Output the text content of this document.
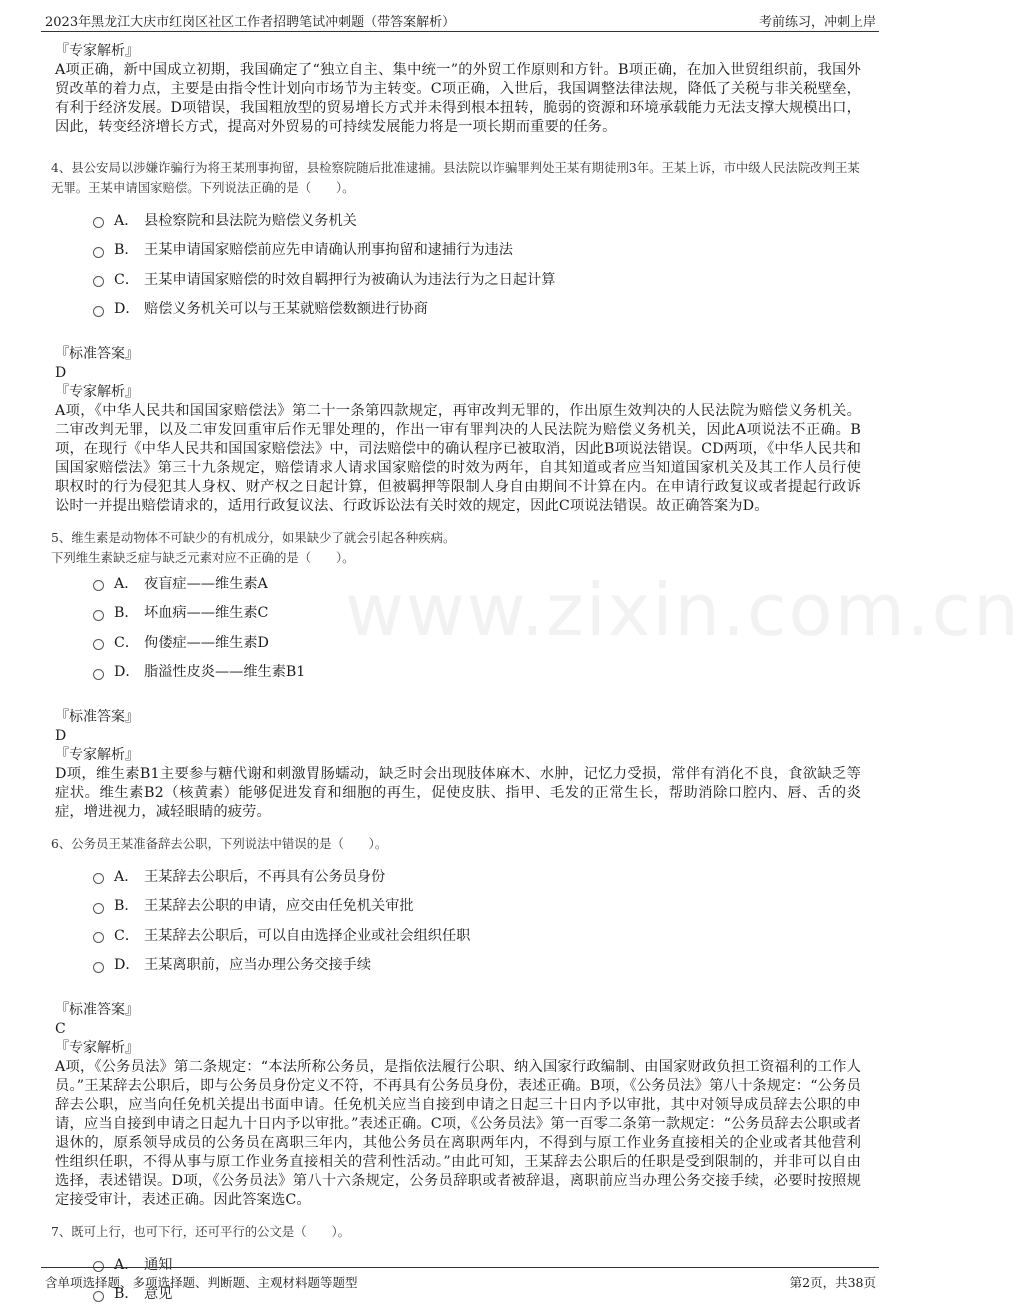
2023年黑龙江大庆市红岗区社区工作者招聘笔试冲刺题（带答案解析）	考前练习，冲刺上岸
www.zixin.com.cn
『专家解析』
A项正确，新中国成立初期，我国确定了“独立自主、集中统一”的外贸工作原则和方针。B项正确，在加入世贸组织前，我国外贸改革的着力点，主要是由指令性计划向市场节为主转变。C项正确，入世后，我国调整法律法规，降低了关税与非关税壁垒，有利于经济发展。D项错误，我国粗放型的贸易增长方式并未得到根本扭转，脆弱的资源和环境承载能力无法支撑大规模出口，因此，转变经济增长方式，提高对外贸易的可持续发展能力将是一项长期而重要的任务。
4、县公安局以涉嫌诈骗行为将王某刑事拘留，县检察院随后批准逮捕。县法院以诈骗罪判处王某有期徒刑3年。王某上诉，市中级人民法院改判王某无罪。王某申请国家赔偿。下列说法正确的是（　　）。
A． 县检察院和县法院为赔偿义务机关
B． 王某申请国家赔偿前应先申请确认刑事拘留和逮捕行为违法
C． 王某申请国家赔偿的时效自羁押行为被确认为违法行为之日起计算
D． 赔偿义务机关可以与王某就赔偿数额进行协商
『标准答案』
D
『专家解析』
A项，《中华人民共和国国家赔偿法》第二十一条第四款规定，再审改判无罪的，作出原生效判决的人民法院为赔偿义务机关。二审改判无罪，以及二审发回重审后作无罪处理的，作出一审有罪判决的人民法院为赔偿义务机关，因此A项说法不正确。B项，在现行《中华人民共和国国家赔偿法》中，司法赔偿中的确认程序已被取消，因此B项说法错误。CD两项，《中华人民共和国国家赔偿法》第三十九条规定，赔偿请求人请求国家赔偿的时效为两年，自其知道或者应当知道国家机关及其工作人员行使职权时的行为侵犯其人身权、财产权之日起计算，但被羁押等限制人身自由期间不计算在内。在申请行政复议或者提起行政诉讼时一并提出赔偿请求的，适用行政复议法、行政诉讼法有关时效的规定，因此C项说法错误。故正确答案为D。
5、维生素是动物体不可缺少的有机成分，如果缺少了就会引起各种疾病。
下列维生素缺乏症与缺乏元素对应不正确的是（　　）。
A． 夜盲症——维生素A
B． 坏血病——维生素C
C． 佝偻症——维生素D
D． 脂溢性皮炎——维生素B1
『标准答案』
D
『专家解析』
D项，维生素B1主要参与糖代谢和刺激胃肠蠕动，缺乏时会出现肢体麻木、水肿，记忆力受损，常伴有消化不良，食欲缺乏等症状。维生素B2（核黄素）能够促进发育和细胞的再生，促使皮肤、指甲、毛发的正常生长，帮助消除口腔内、唇、舌的炎症，增进视力，减轻眼睛的疲劳。
6、公务员王某准备辞去公职，下列说法中错误的是（　　）。
A． 王某辞去公职后，不再具有公务员身份
B． 王某辞去公职的申请，应交由任免机关审批
C． 王某辞去公职后，可以自由选择企业或社会组织任职
D． 王某离职前，应当办理公务交接手续
『标准答案』
C
『专家解析』
A项，《公务员法》第二条规定：“本法所称公务员，是指依法履行公职、纳入国家行政编制、由国家财政负担工资福利的工作人员。”王某辞去公职后，即与公务员身份定义不符，不再具有公务员身份，表述正确。B项，《公务员法》第八十条规定：“公务员辞去公职，应当向任免机关提出书面申请。任免机关应当自接到申请之日起三十日内予以审批，其中对领导成员辞去公职的申请，应当自接到申请之日起九十日内予以审批。”表述正确。C项，《公务员法》第一百零二条第一款规定：“公务员辞去公职或者退休的，原系领导成员的公务员在离职三年内，其他公务员在离职两年内，不得到与原工作业务直接相关的企业或者其他营利性组织任职，不得从事与原工作业务直接相关的营利性活动。”由此可知，王某辞去公职后的任职是受到限制的，并非可以自由选择，表述错误。D项，《公务员法》第八十六条规定，公务员辞职或者被辞退，离职前应当办理公务交接手续，必要时按照规定接受审计，表述正确。因此答案选C。
7、既可上行，也可下行，还可平行的公文是（　　）。
A． 通知
B． 意见
含单项选择题、多项选择题、判断题、主观材料题等题型	第2页，共38页
